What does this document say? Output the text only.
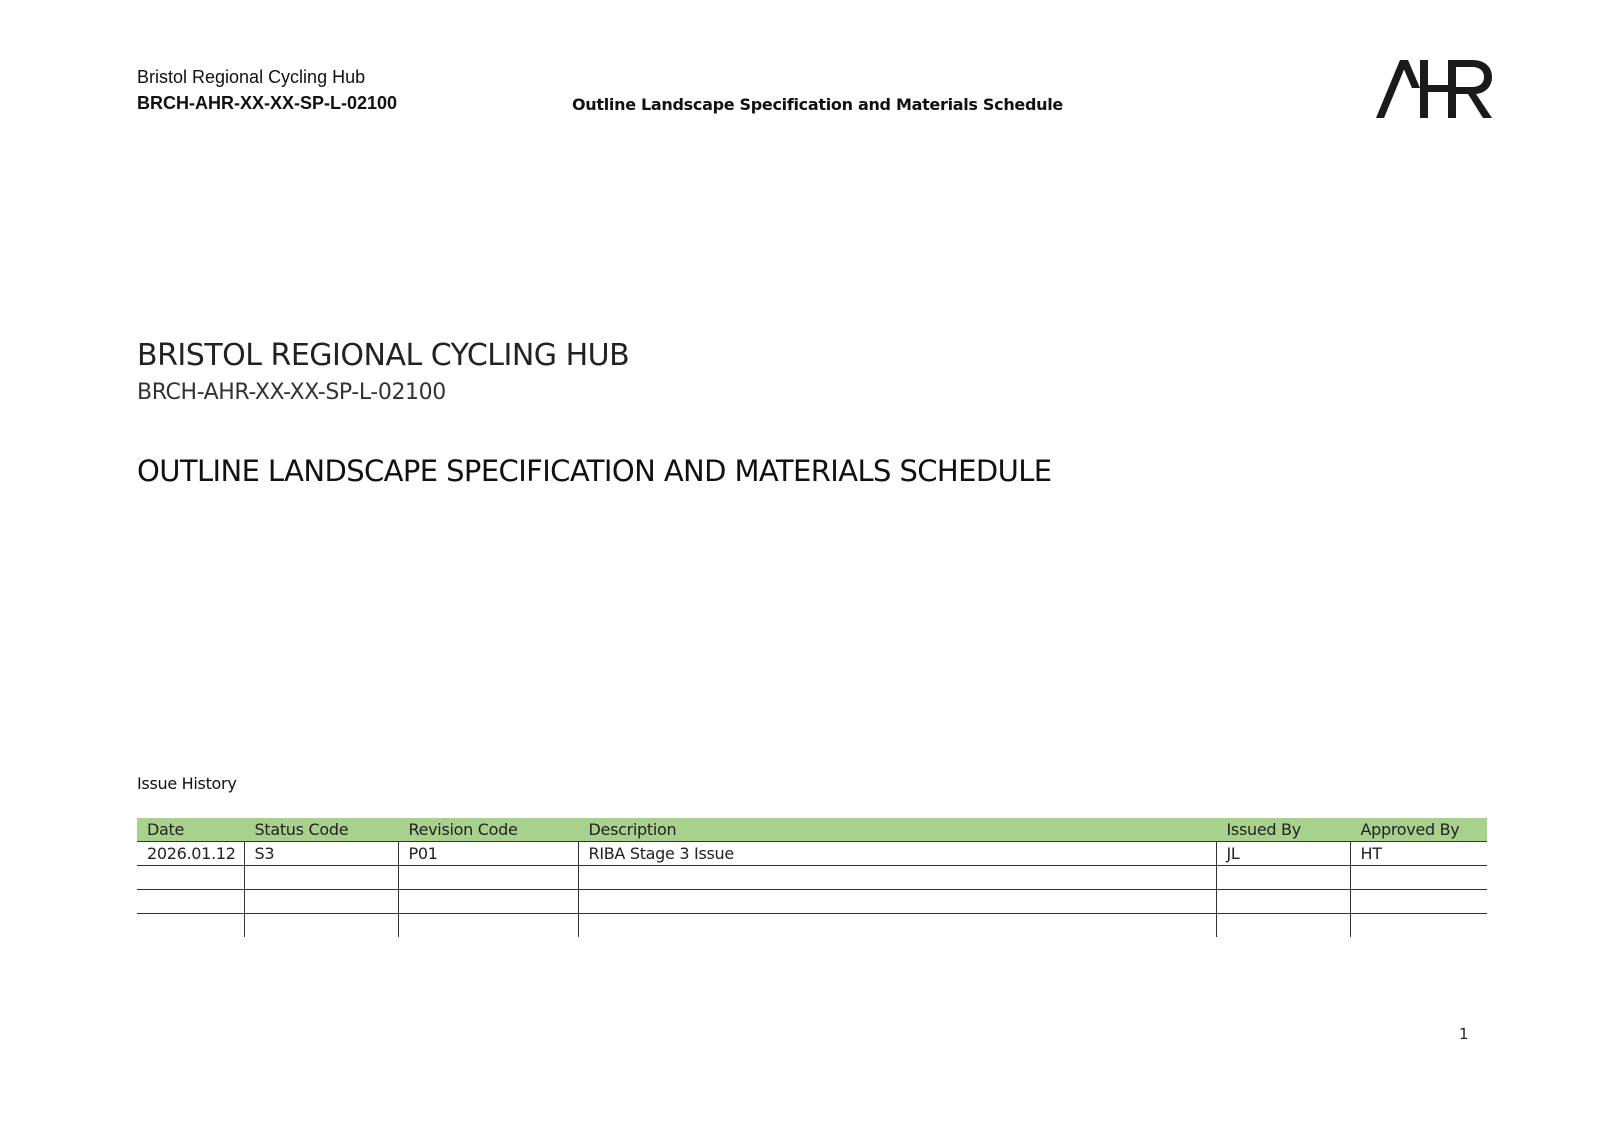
Bristol Regional Cycling Hub
BRCH-AHR-XX-XX-SP-L-02100	Outline Landscape Specification and Materials Schedule
BRISTOL REGIONAL CYCLING HUB
BRCH-AHR-XX-XX-SP-L-02100
OUTLINE LANDSCAPE SPECIFICATION AND MATERIALS SCHEDULE
Issue History
Date	Status Code	Revision Code	Description	Issued By	Approved By
2026.01.12	S3	P01	RIBA Stage 3 Issue	JL	HT

1
